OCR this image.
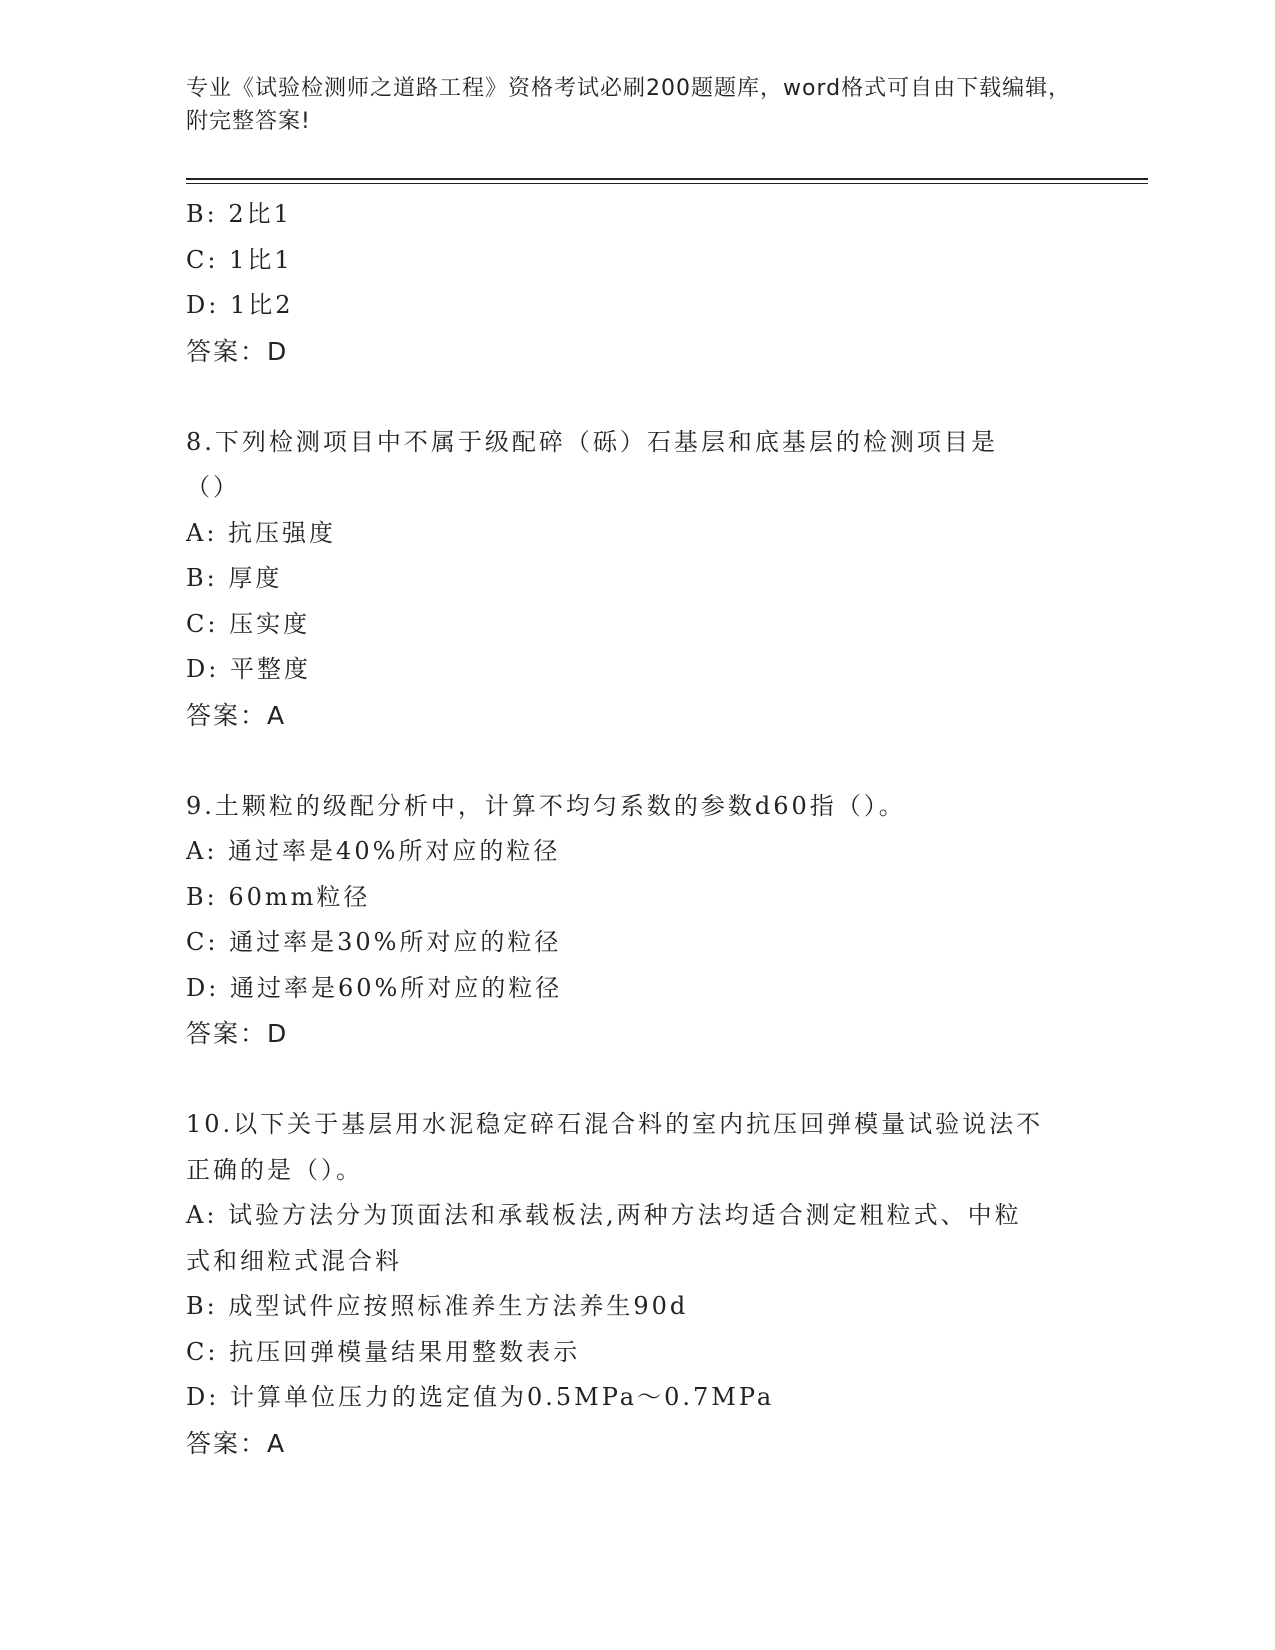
专业《试验检测师之道路工程》资格考试必刷200题题库，word格式可自由下载编辑，附完整答案!
B: 2比1
C: 1比1
D: 1比2
答案：D
8.下列检测项目中不属于级配碎（砾）石基层和底基层的检测项目是（）
A: 抗压强度
B: 厚度
C: 压实度
D: 平整度
答案：A
9.土颗粒的级配分析中，计算不均匀系数的参数d60指（）。
A: 通过率是40%所对应的粒径
B: 60mm粒径
C: 通过率是30%所对应的粒径
D: 通过率是60%所对应的粒径
答案：D
10.以下关于基层用水泥稳定碎石混合料的室内抗压回弹模量试验说法不正确的是（）。
A: 试验方法分为顶面法和承载板法,两种方法均适合测定粗粒式、中粒式和细粒式混合料
B: 成型试件应按照标准养生方法养生90d
C: 抗压回弹模量结果用整数表示
D: 计算单位压力的选定值为0.5MPa～0.7MPa
答案：A
